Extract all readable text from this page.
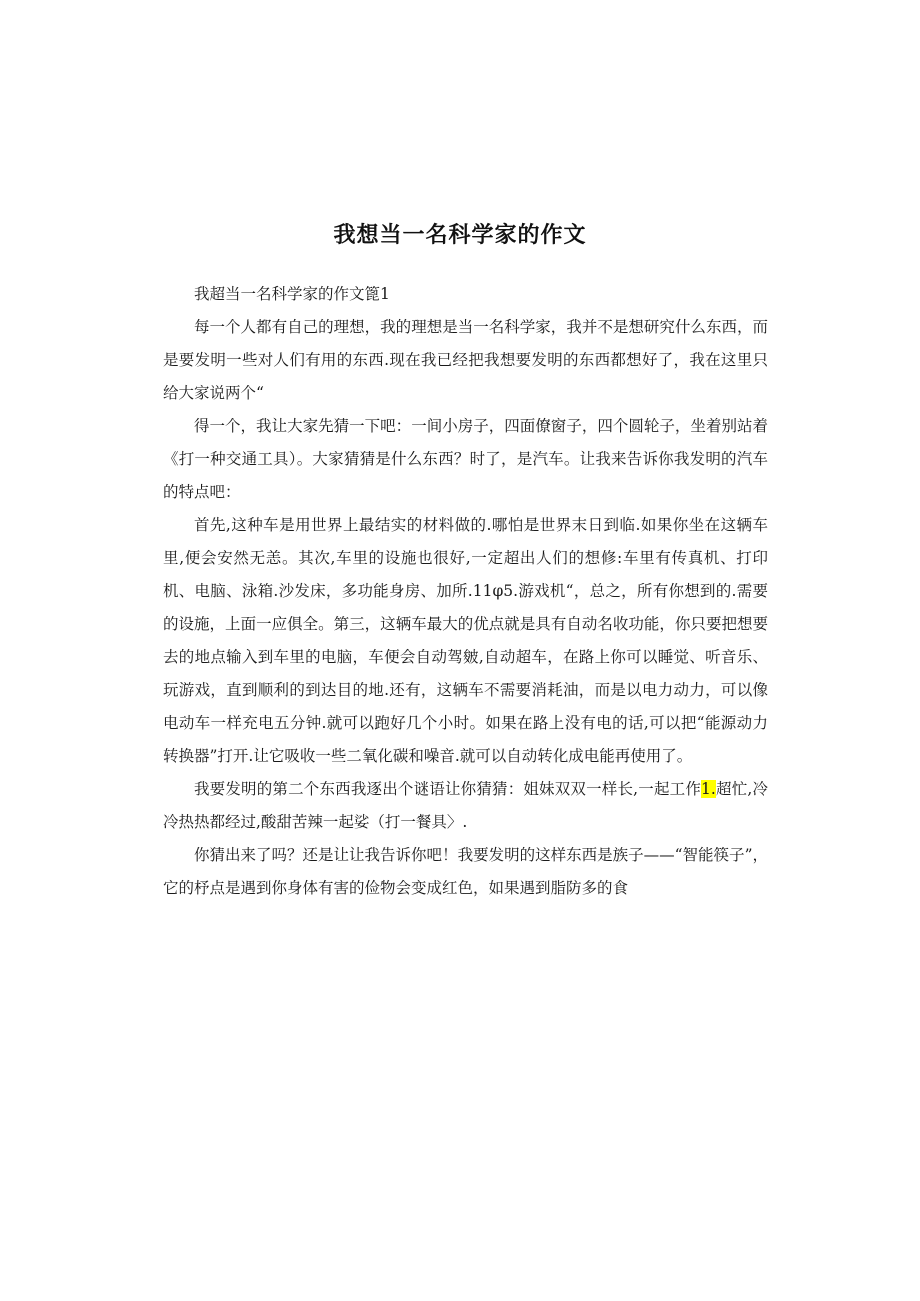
我想当一名科学家的作文

我超当一名科学家的作文篦1

每一个人都有自己的理想，我的理想是当一名科学家，我并不是想研究什么东西，而是要发明一些对人们有用的东西.现在我已经把我想要发明的东西都想好了，我在这里只给大家说两个“

得一个，我让大家先猜一下吧：一间小房子，四面僚窗子，四个圆轮子，坐着别站着《打一种交通工具）。大家猜猜是什么东西？时了，是汽车。让我来告诉你我发明的汽车的特点吧：

首先,这种车是用世界上最结实的材料做的.哪怕是世界末日到临.如果你坐在这辆车里,便会安然无恙。其次,车里的设施也很好,一定超出人们的想修:车里有传真机、打印机、电脑、泳箱.沙发床，多功能身房、加所.11φ5.游戏机“，总之，所有你想到的.需要的设施，上面一应俱全。第三，这辆车最大的优点就是具有自动名收功能，你只要把想要去的地点输入到车里的电脑，车便会自动驾皴,自动超车，在路上你可以睡觉、听音乐、玩游戏，直到顺利的到达目的地.还有，这辆车不需要消耗油，而是以电力动力，可以像电动车一样充电五分钟.就可以跑好几个小时。如果在路上没有电的话,可以把“能源动力转换器”打开.让它吸收一些二氧化碳和噪音.就可以自动转化成电能再使用了。

我要发明的第二个东西我逐出个谜语让你猜猜：姐妹双双一样长,一起工作1.超忙,冷冷热热都经过,酸甜苦辣一起娑（打一餐具〉.

你猜出来了吗？还是让让我告诉你吧！我要发明的这样东西是族子——“智能筷子”，它的杼点是遇到你身体有害的俭物会变成红色，如果遇到脂防多的食
